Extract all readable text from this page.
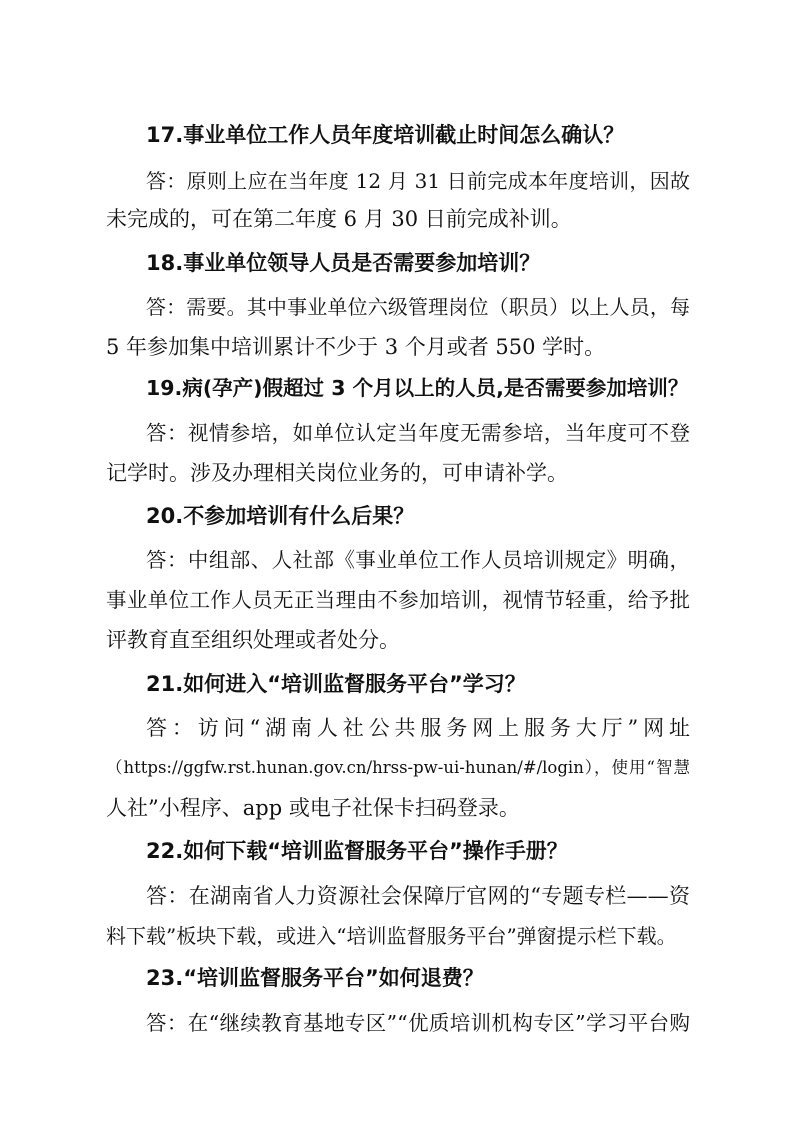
17.事业单位工作人员年度培训截止时间怎么确认？
答：原则上应在当年度 12 月 31 日前完成本年度培训，因故
未完成的，可在第二年度 6 月 30 日前完成补训。
18.事业单位领导人员是否需要参加培训？
答：需要。其中事业单位六级管理岗位（职员）以上人员，每
5 年参加集中培训累计不少于 3 个月或者 550 学时。
19.病(孕产)假超过 3 个月以上的人员,是否需要参加培训？
答：视情参培，如单位认定当年度无需参培，当年度可不登
记学时。涉及办理相关岗位业务的，可申请补学。
20.不参加培训有什么后果？
答：中组部、人社部《事业单位工作人员培训规定》明确，
事业单位工作人员无正当理由不参加培训，视情节轻重，给予批
评教育直至组织处理或者处分。
21.如何进入“培训监督服务平台”学习？
答：访问“湖南人社公共服务网上服务大厅”网址
（https://ggfw.rst.hunan.gov.cn/hrss-pw-ui-hunan/#/login），使用“智慧
人社”小程序、app 或电子社保卡扫码登录。
22.如何下载“培训监督服务平台”操作手册？
答：在湖南省人力资源社会保障厅官网的“专题专栏——资
料下载”板块下载，或进入“培训监督服务平台”弹窗提示栏下载。
23.“培训监督服务平台”如何退费？
答：在“继续教育基地专区”“优质培训机构专区”学习平台购
